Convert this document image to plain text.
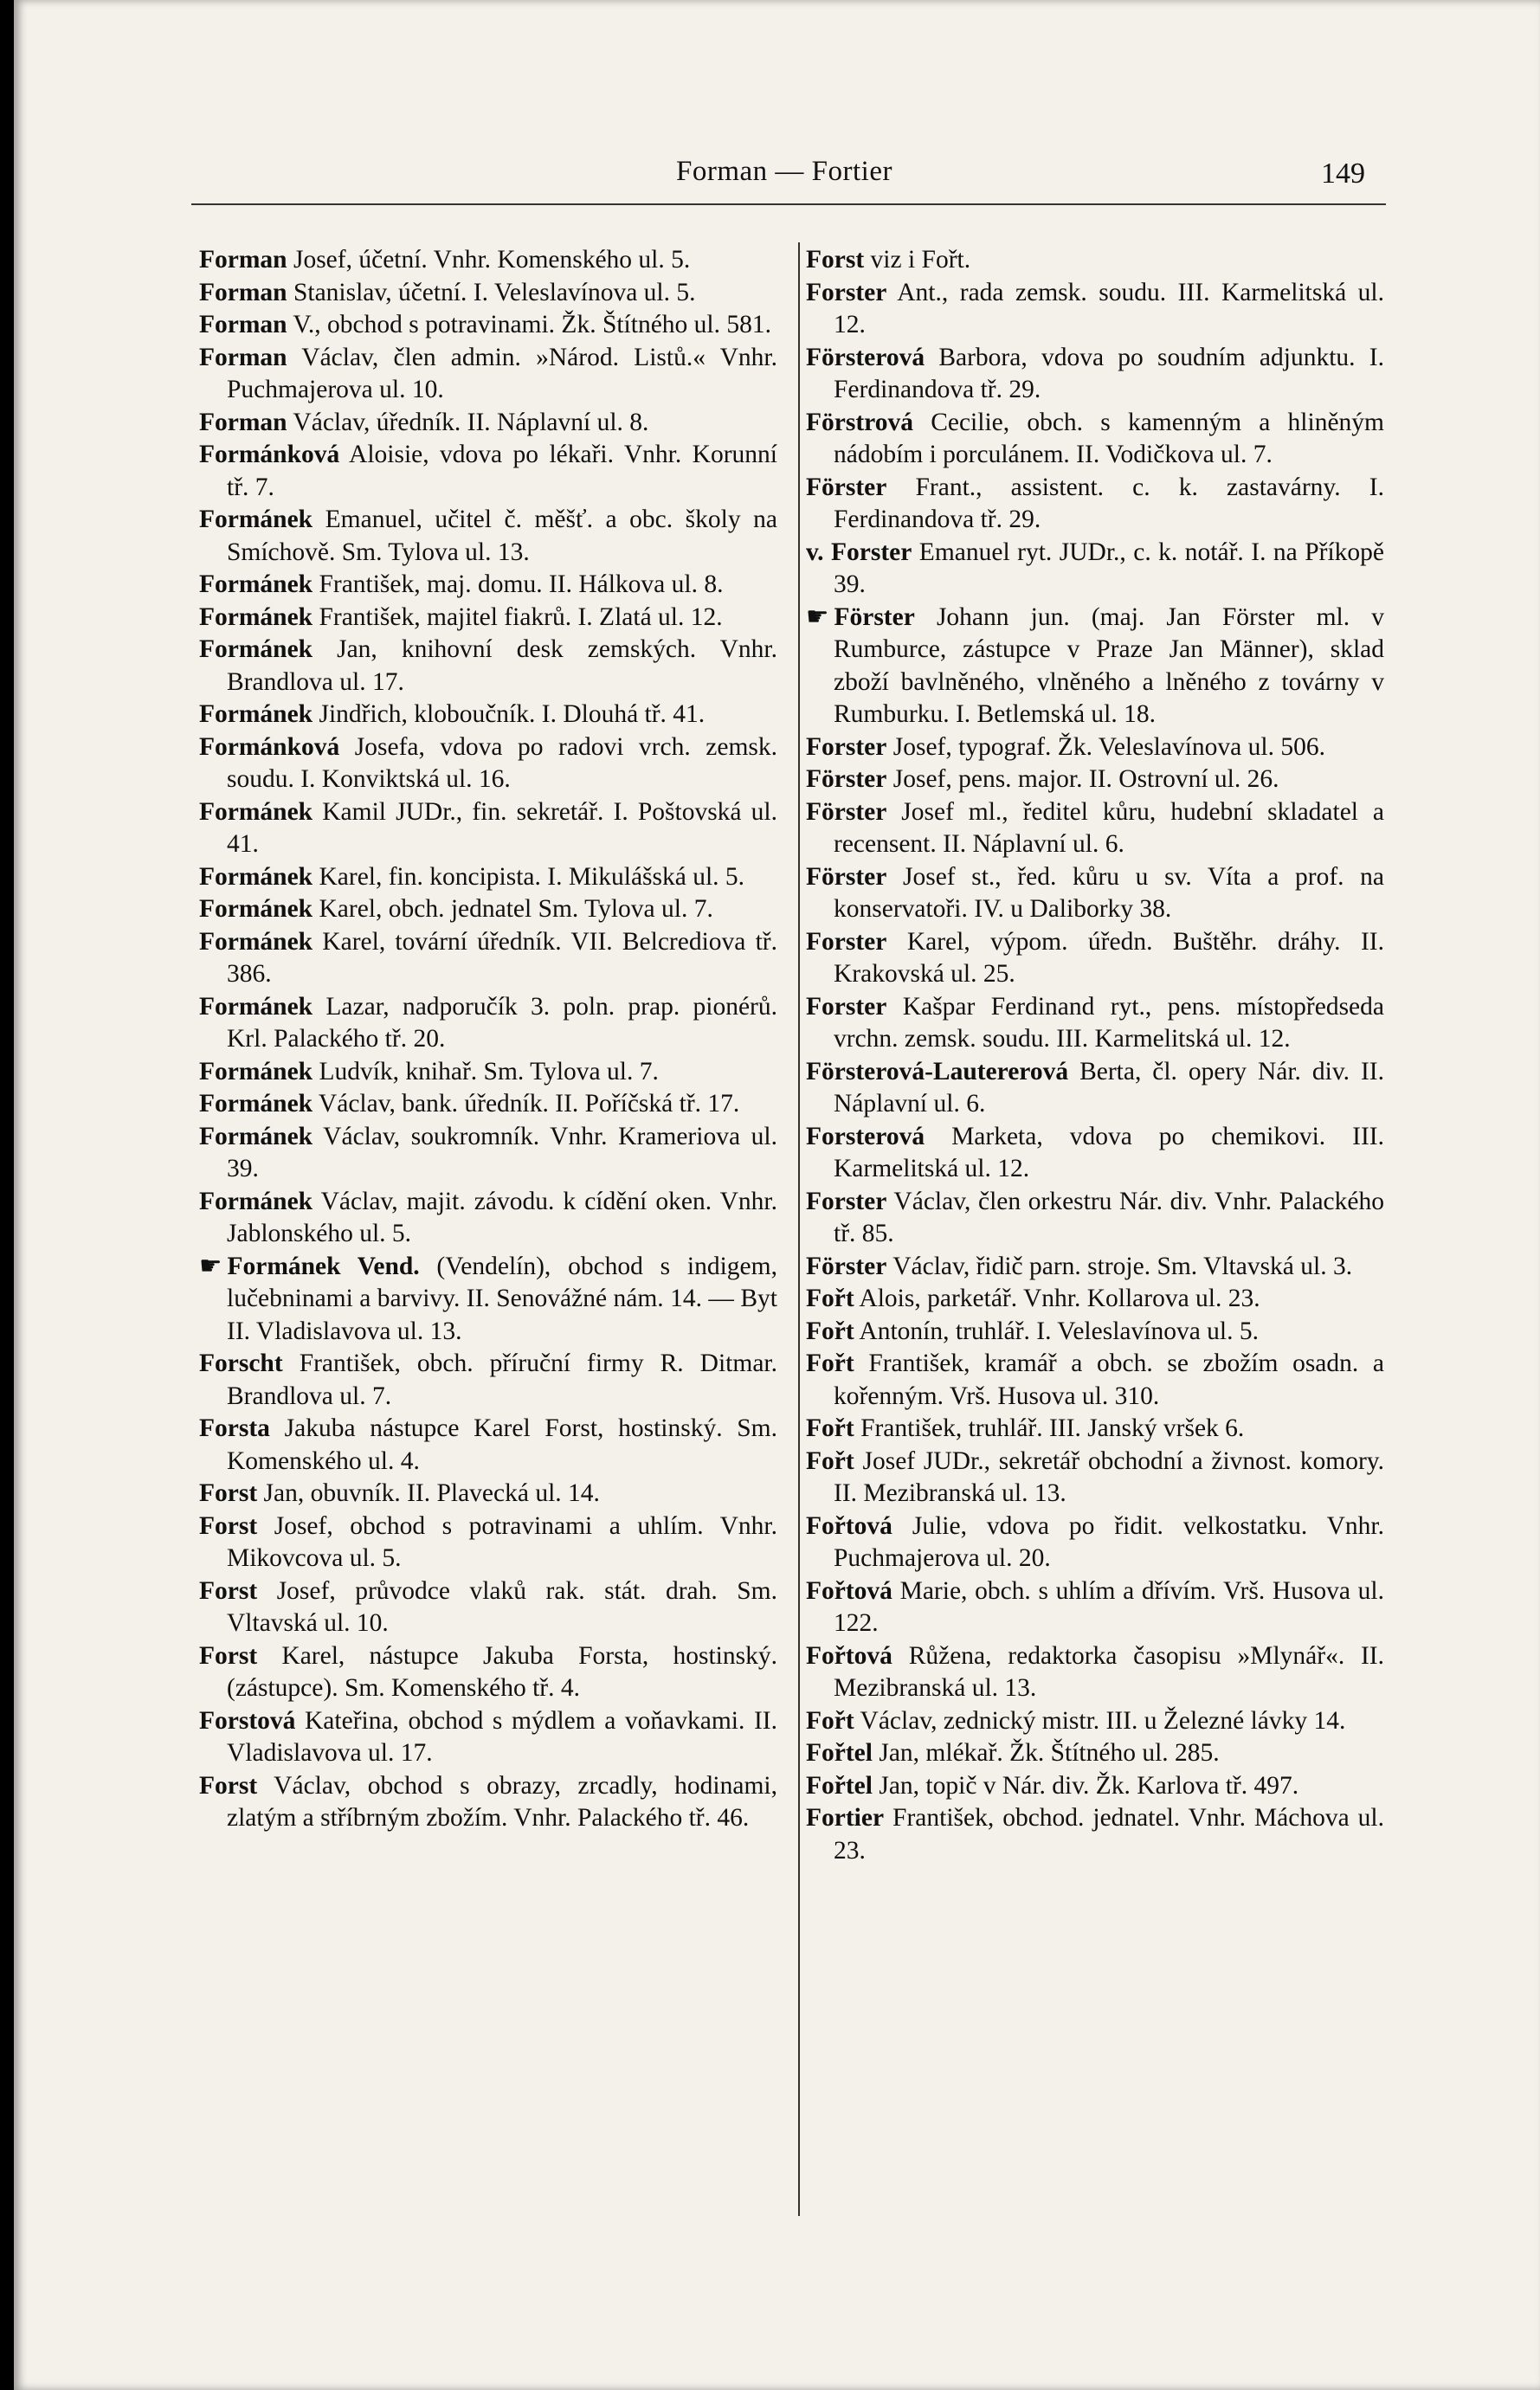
Forman — Fortier	149

Forman Josef, účetní. Vnhr. Komenského ul. 5.

Forman Stanislav, účetní. I. Veleslavínova ul. 5.

Forman V., obchod s potravinami. Žk. Štítného ul. 581.

Forman Václav, člen admin. »Národ. Listů.« Vnhr. Puchmajerova ul. 10.

Forman Václav, úředník. II. Náplavní ul. 8.

Formánková Aloisie, vdova po lékaři. Vnhr. Korunní tř. 7.

Formánek Emanuel, učitel č. měšť. a obc. školy na Smíchově. Sm. Tylova ul. 13.

Formánek František, maj. domu. II. Hálkova ul. 8.

Formánek František, majitel fiakrů. I. Zlatá ul. 12.

Formánek Jan, knihovní desk zemských. Vnhr. Brandlova ul. 17.

Formánek Jindřich, kloboučník. I. Dlouhá tř. 41.

Formánková Josefa, vdova po radovi vrch. zemsk. soudu. I. Konviktská ul. 16.

Formánek Kamil JUDr., fin. sekretář. I. Poštovská ul. 41.

Formánek Karel, fin. koncipista. I. Mikulášská ul. 5.

Formánek Karel, obch. jednatel Sm. Tylova ul. 7.

Formánek Karel, tovární úředník. VII. Belcrediova tř. 386.

Formánek Lazar, nadporučík 3. poln. prap. pionérů. Krl. Palackého tř. 20.

Formánek Ludvík, knihař. Sm. Tylova ul. 7.

Formánek Václav, bank. úředník. II. Poříčská tř. 17.

Formánek Václav, soukromník. Vnhr. Krameriova ul. 39.

Formánek Václav, majit. závodu. k cídění oken. Vnhr. Jablonského ul. 5.

☛ Formánek Vend. (Vendelín), obchod s indigem, lučebninami a barvivy. II. Senovážné nám. 14. — Byt II. Vladislavova ul. 13.

Forscht František, obch. příruční firmy R. Ditmar. Brandlova ul. 7.

Forsta Jakuba nástupce Karel Forst, hostinský. Sm. Komenského ul. 4.

Forst Jan, obuvník. II. Plavecká ul. 14.

Forst Josef, obchod s potravinami a uhlím. Vnhr. Mikovcova ul. 5.

Forst Josef, průvodce vlaků rak. stát. drah. Sm. Vltavská ul. 10.

Forst Karel, nástupce Jakuba Forsta, hostinský. (zástupce). Sm. Komenského tř. 4.

Forstová Kateřina, obchod s mýdlem a voňavkami. II. Vladislavova ul. 17.

Forst Václav, obchod s obrazy, zrcadly, hodinami, zlatým a stříbrným zbožím. Vnhr. Palackého tř. 46.

Forst viz i Fořt.

Forster Ant., rada zemsk. soudu. III. Karmelitská ul. 12.

Försterová Barbora, vdova po soudním adjunktu. I. Ferdinandova tř. 29.

Förstrová Cecilie, obch. s kamenným a hliněným nádobím i porculánem. II. Vodičkova ul. 7.

Förster Frant., assistent. c. k. zastavárny. I. Ferdinandova tř. 29.

v. Forster Emanuel ryt. JUDr., c. k. notář. I. na Příkopě 39.

☛ Förster Johann jun. (maj. Jan Förster ml. v Rumburce, zástupce v Praze Jan Männer), sklad zboží bavlněného, vlněného a lněného z továrny v Rumburku. I. Betlemská ul. 18.

Forster Josef, typograf. Žk. Veleslavínova ul. 506.

Förster Josef, pens. major. II. Ostrovní ul. 26.

Förster Josef ml., ředitel kůru, hudební skladatel a recensent. II. Náplavní ul. 6.

Förster Josef st., řed. kůru u sv. Víta a prof. na konservatoři. IV. u Daliborky 38.

Forster Karel, výpom. úředn. Buštěhr. dráhy. II. Krakovská ul. 25.

Forster Kašpar Ferdinand ryt., pens. místopředseda vrchn. zemsk. soudu. III. Karmelitská ul. 12.

Försterová-Lautererová Berta, čl. opery Nár. div. II. Náplavní ul. 6.

Forsterová Marketa, vdova po chemikovi. III. Karmelitská ul. 12.

Forster Václav, člen orkestru Nár. div. Vnhr. Palackého tř. 85.

Förster Václav, řidič parn. stroje. Sm. Vltavská ul. 3.

Fořt Alois, parketář. Vnhr. Kollarova ul. 23.

Fořt Antonín, truhlář. I. Veleslavínova ul. 5.

Fořt František, kramář a obch. se zbožím osadn. a kořenným. Vrš. Husova ul. 310.

Fořt František, truhlář. III. Janský vršek 6.

Fořt Josef JUDr., sekretář obchodní a živnost. komory. II. Mezibranská ul. 13.

Fořtová Julie, vdova po řidit. velkostatku. Vnhr. Puchmajerova ul. 20.

Fořtová Marie, obch. s uhlím a dřívím. Vrš. Husova ul. 122.

Fořtová Růžena, redaktorka časopisu »Mlynář«. II. Mezibranská ul. 13.

Fořt Václav, zednický mistr. III. u Železné lávky 14.

Fořtel Jan, mlékař. Žk. Štítného ul. 285.

Fořtel Jan, topič v Nár. div. Žk. Karlova tř. 497.

Fortier František, obchod. jednatel. Vnhr. Máchova ul. 23.
